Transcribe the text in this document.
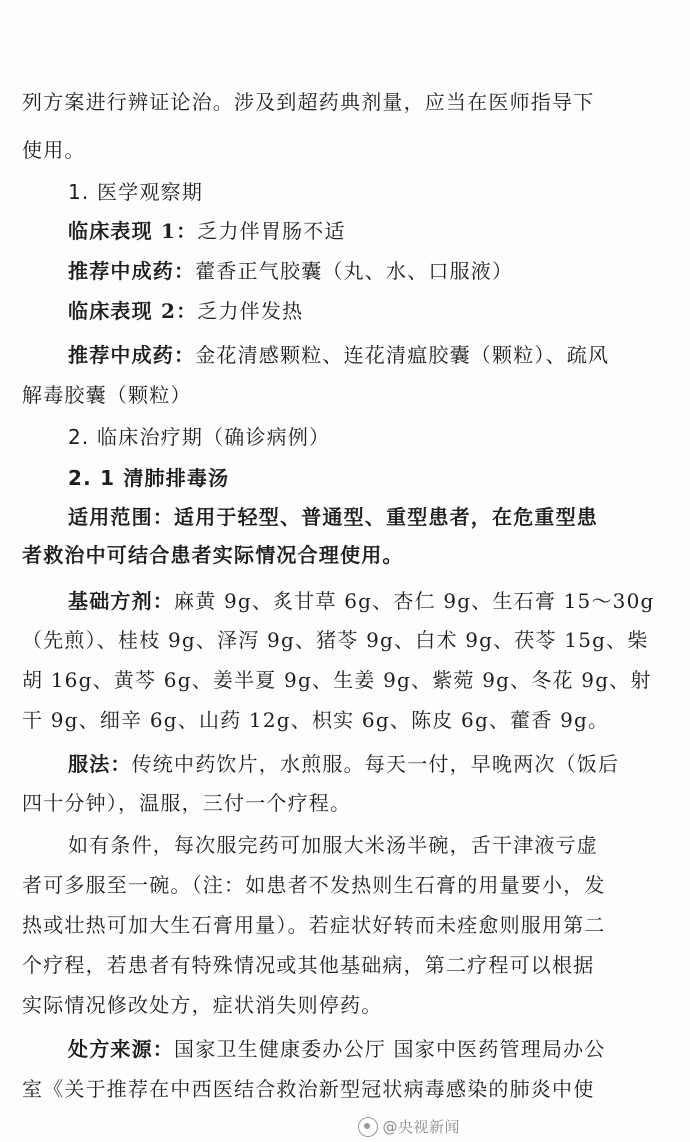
列方案进行辨证论治。涉及到超药典剂量，应当在医师指导下
使用。
1. 医学观察期
临床表现 1：乏力伴胃肠不适
推荐中成药：藿香正气胶囊（丸、水、口服液）
临床表现 2：乏力伴发热
推荐中成药：金花清感颗粒、连花清瘟胶囊（颗粒）、疏风
解毒胶囊（颗粒）
2. 临床治疗期（确诊病例）
2. 1 清肺排毒汤
适用范围：适用于轻型、普通型、重型患者，在危重型患
者救治中可结合患者实际情况合理使用。
基础方剂：麻黄 9g、炙甘草 6g、杏仁 9g、生石膏 15～30g
（先煎）、桂枝 9g、泽泻 9g、猪苓 9g、白术 9g、茯苓 15g、柴
胡 16g、黄芩 6g、姜半夏 9g、生姜 9g、紫菀 9g、冬花 9g、射
干 9g、细辛 6g、山药 12g、枳实 6g、陈皮 6g、藿香 9g。
服法：传统中药饮片，水煎服。每天一付，早晚两次（饭后
四十分钟），温服，三付一个疗程。
如有条件，每次服完药可加服大米汤半碗，舌干津液亏虚
者可多服至一碗。（注：如患者不发热则生石膏的用量要小，发
热或壮热可加大生石膏用量）。若症状好转而未痊愈则服用第二
个疗程，若患者有特殊情况或其他基础病，第二疗程可以根据
实际情况修改处方，症状消失则停药。
处方来源：国家卫生健康委办公厅 国家中医药管理局办公
室《关于推荐在中西医结合救治新型冠状病毒感染的肺炎中使
@央视新闻
